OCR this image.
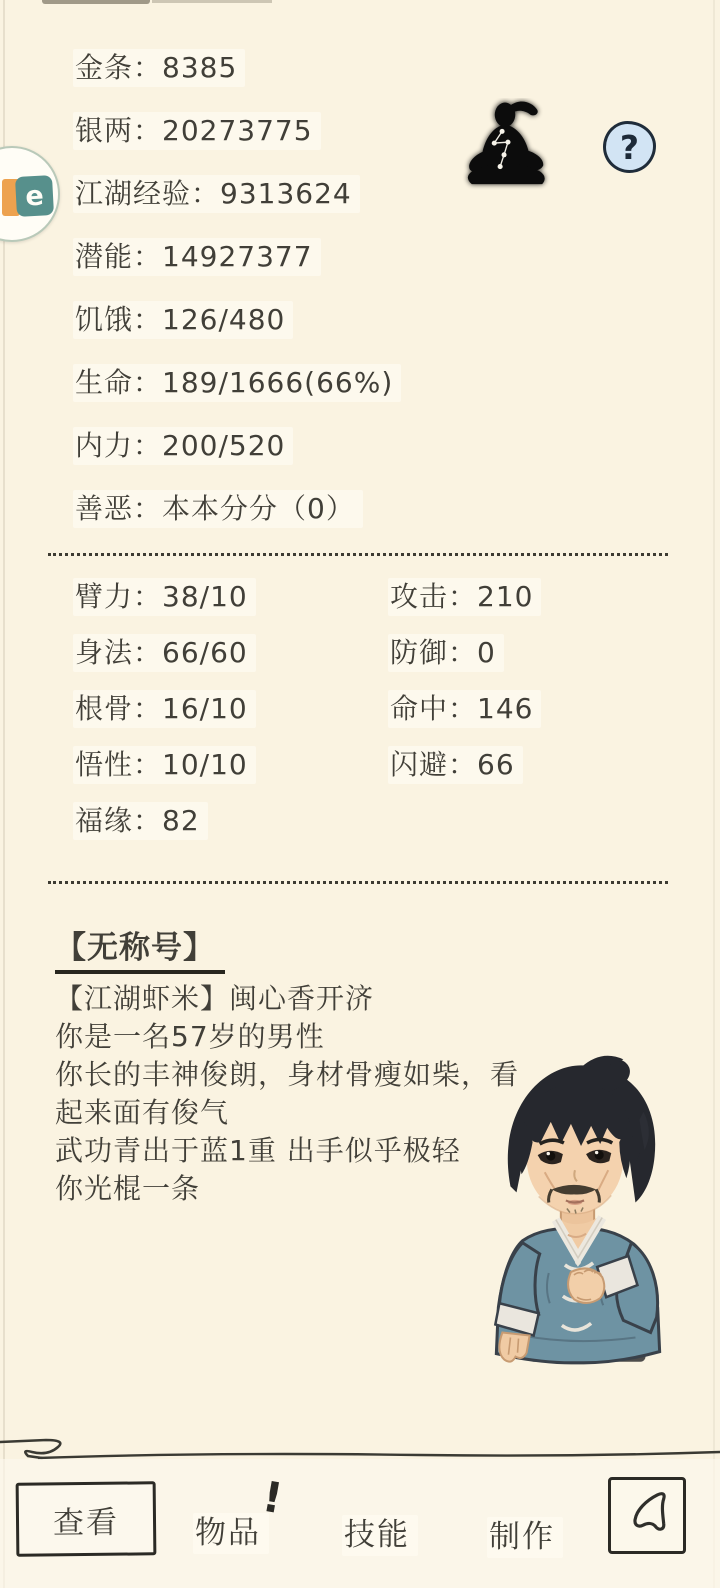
e
金条：8385
银两：20273775
江湖经验：9313624
潜能：14927377
饥饿：126/480
生命：189/1666(66%)
内力：200/520
善恶：本本分分（0）
?
臂力：38/10
身法：66/60
根骨：16/10
悟性：10/10
福缘：82
攻击：210
防御：0
命中：146
闪避：66
【无称号】
【江湖虾米】闽心香开济
你是一名57岁的男性
你长的丰神俊朗，身材骨瘦如柴，看起来面有俊气
武功青出于蓝1重 出手似乎极轻
你光棍一条
查看 物品
!
技能	制作
